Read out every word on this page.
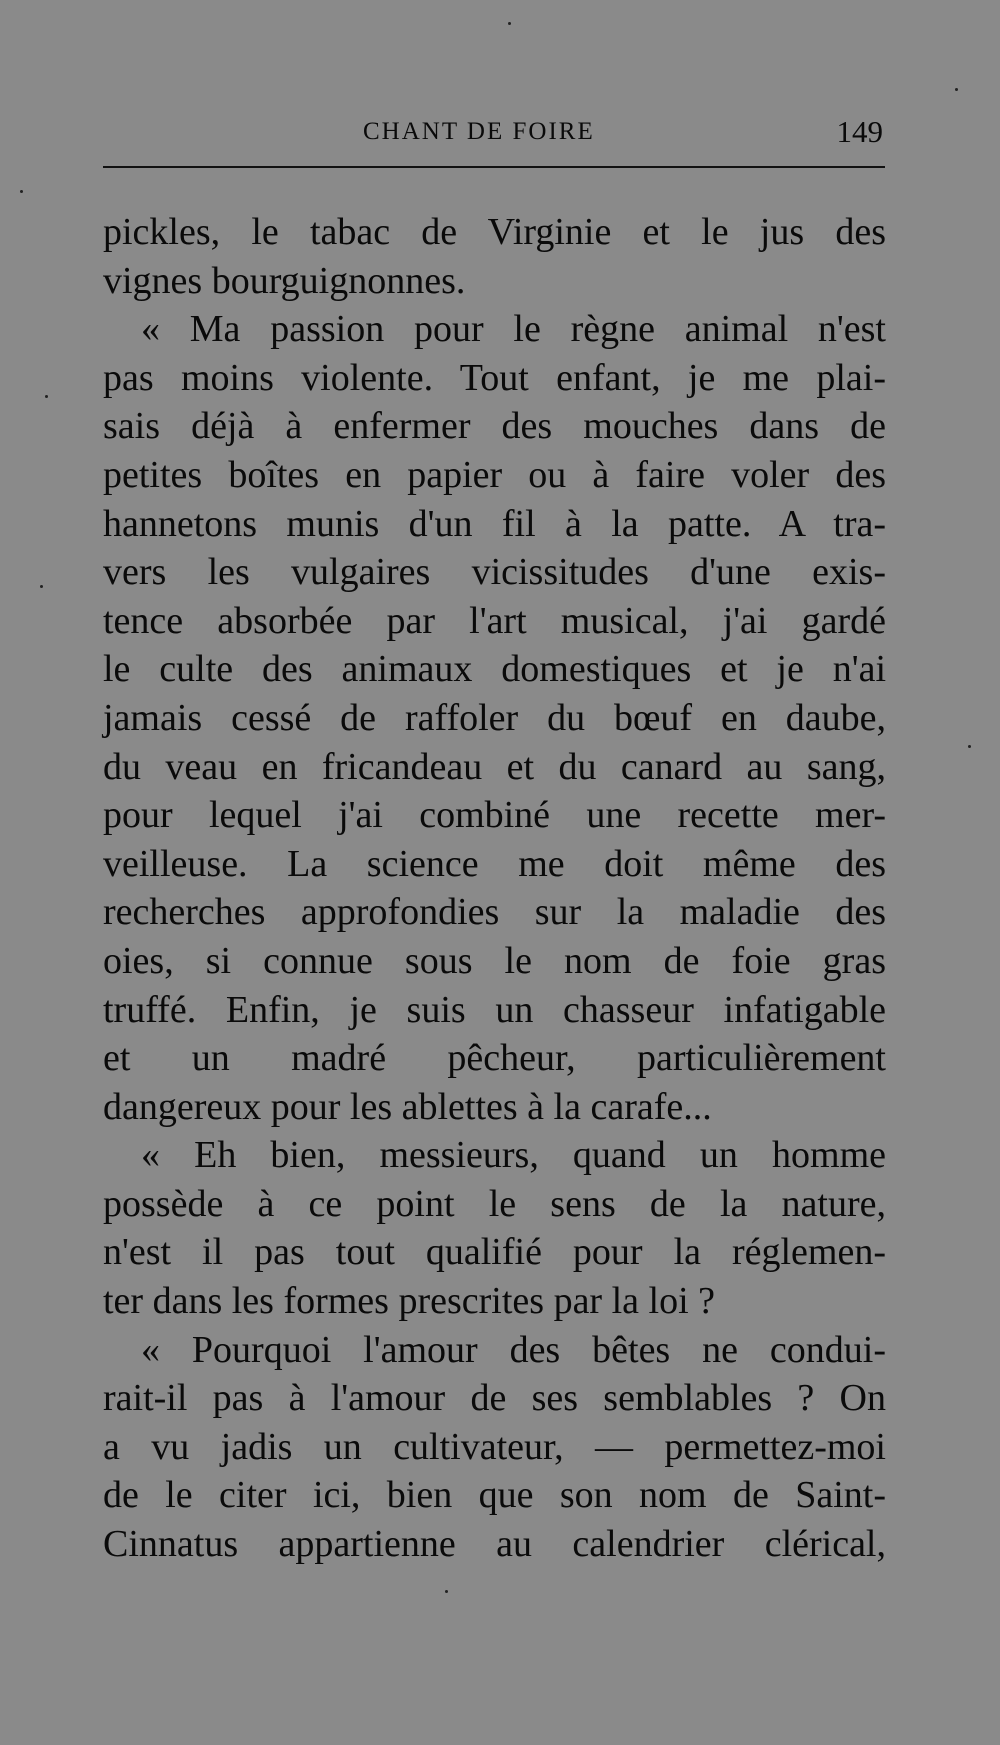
CHANT DE FOIRE	149
pickles, le tabac de Virginie et le jus des
vignes bourguignonnes.
« Ma passion pour le règne animal n'est
pas moins violente. Tout enfant, je me plai-
sais déjà à enfermer des mouches dans de
petites boîtes en papier ou à faire voler des
hannetons munis d'un fil à la patte. A tra-
vers les vulgaires vicissitudes d'une exis-
tence absorbée par l'art musical, j'ai gardé
le culte des animaux domestiques et je n'ai
jamais cessé de raffoler du bœuf en daube,
du veau en fricandeau et du canard au sang,
pour lequel j'ai combiné une recette mer-
veilleuse. La science me doit même des
recherches approfondies sur la maladie des
oies, si connue sous le nom de foie gras
truffé. Enfin, je suis un chasseur infatigable
et un madré pêcheur, particulièrement
dangereux pour les ablettes à la carafe...
« Eh bien, messieurs, quand un homme
possède à ce point le sens de la nature,
n'est il pas tout qualifié pour la réglemen-
ter dans les formes prescrites par la loi ?
« Pourquoi l'amour des bêtes ne condui-
rait-il pas à l'amour de ses semblables ? On
a vu jadis un cultivateur, — permettez-moi
de le citer ici, bien que son nom de Saint-
Cinnatus appartienne au calendrier clérical,
